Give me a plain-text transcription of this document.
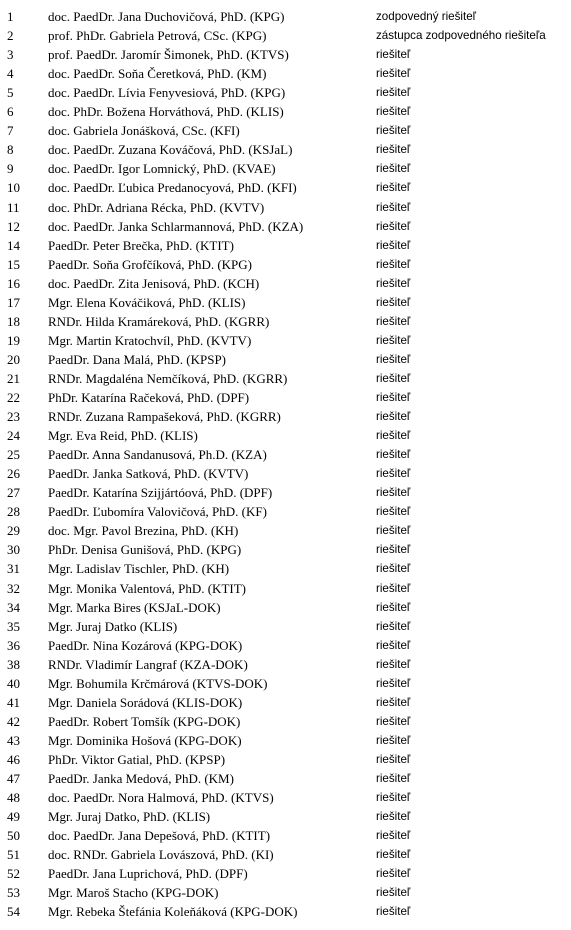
1	doc. PaedDr. Jana Duchovičová, PhD. (KPG)	zodpovedný riešiteľ
2	prof. PhDr. Gabriela Petrová, CSc. (KPG)	zástupca zodpovedného riešiteľa
3	prof. PaedDr. Jaromír Šimonek, PhD. (KTVS)	riešiteľ
4	doc. PaedDr. Soňa Čeretková, PhD. (KM)	riešiteľ
5	doc. PaedDr. Lívia Fenyvesiová, PhD. (KPG)	riešiteľ
6	doc. PhDr. Božena Horváthová, PhD. (KLIS)	riešiteľ
7	doc. Gabriela Jonášková, CSc. (KFI)	riešiteľ
8	doc. PaedDr. Zuzana Kováčová, PhD. (KSJaL)	riešiteľ
9	doc. PaedDr. Igor Lomnický, PhD. (KVAE)	riešiteľ
10 doc. PaedDr. Ľubica Predanocyová, PhD. (KFI)	riešiteľ
11 doc. PhDr. Adriana Récka, PhD. (KVTV)	riešiteľ
12 doc. PaedDr. Janka Schlarmannová, PhD. (KZA)	riešiteľ
14 PaedDr. Peter Brečka, PhD. (KTIT)	riešiteľ
15 PaedDr. Soňa Grofčíková, PhD. (KPG)	riešiteľ
16 doc. PaedDr. Zita Jenisová, PhD. (KCH)	riešiteľ
17 Mgr. Elena Kováčiková, PhD. (KLIS)	riešiteľ
18 RNDr. Hilda Kramáreková, PhD. (KGRR)	riešiteľ
19 Mgr. Martin Kratochvíl, PhD. (KVTV)	riešiteľ
20 PaedDr. Dana Malá, PhD. (KPSP)	riešiteľ
21 RNDr. Magdaléna Nemčíková, PhD. (KGRR)	riešiteľ
22 PhDr. Katarína Račeková, PhD. (DPF)	riešiteľ
23 RNDr. Zuzana Rampašeková, PhD. (KGRR)	riešiteľ
24 Mgr. Eva Reid, PhD. (KLIS)	riešiteľ
25 PaedDr. Anna Sandanusová, Ph.D. (KZA)	riešiteľ
26 PaedDr. Janka Satková, PhD. (KVTV)	riešiteľ
27 PaedDr. Katarína Szijjártóová, PhD. (DPF)	riešiteľ
28 PaedDr. Ľubomíra Valovičová, PhD. (KF)	riešiteľ
29 doc. Mgr. Pavol Brezina, PhD. (KH)	riešiteľ
30 PhDr. Denisa Gunišová, PhD. (KPG)	riešiteľ
31 Mgr. Ladislav Tischler, PhD. (KH)	riešiteľ
32 Mgr. Monika Valentová, PhD. (KTIT)	riešiteľ
34 Mgr. Marka Bires (KSJaL-DOK)	riešiteľ
35 Mgr. Juraj Datko (KLIS)	riešiteľ
36 PaedDr. Nina Kozárová (KPG-DOK)	riešiteľ
38 RNDr. Vladimír Langraf (KZA-DOK)	riešiteľ
40 Mgr. Bohumila Krčmárová (KTVS-DOK)	riešiteľ
41 Mgr. Daniela Sorádová (KLIS-DOK)	riešiteľ
42 PaedDr. Robert Tomšík (KPG-DOK)	riešiteľ
43 Mgr. Dominika Hošová (KPG-DOK)	riešiteľ
46 PhDr. Viktor Gatial, PhD. (KPSP)	riešiteľ
47 PaedDr. Janka Medová, PhD. (KM)	riešiteľ
48 doc. PaedDr. Nora Halmová, PhD. (KTVS)	riešiteľ
49 Mgr. Juraj Datko, PhD. (KLIS)	riešiteľ
50 doc. PaedDr. Jana Depešová, PhD. (KTIT)	riešiteľ
51 doc. RNDr. Gabriela Lovászová, PhD. (KI)	riešiteľ
52 PaedDr. Jana Luprichová, PhD. (DPF)	riešiteľ
53 Mgr. Maroš Stacho (KPG-DOK)	riešiteľ
54 Mgr. Rebeka Štefánia Koleňáková (KPG-DOK)	riešiteľ
